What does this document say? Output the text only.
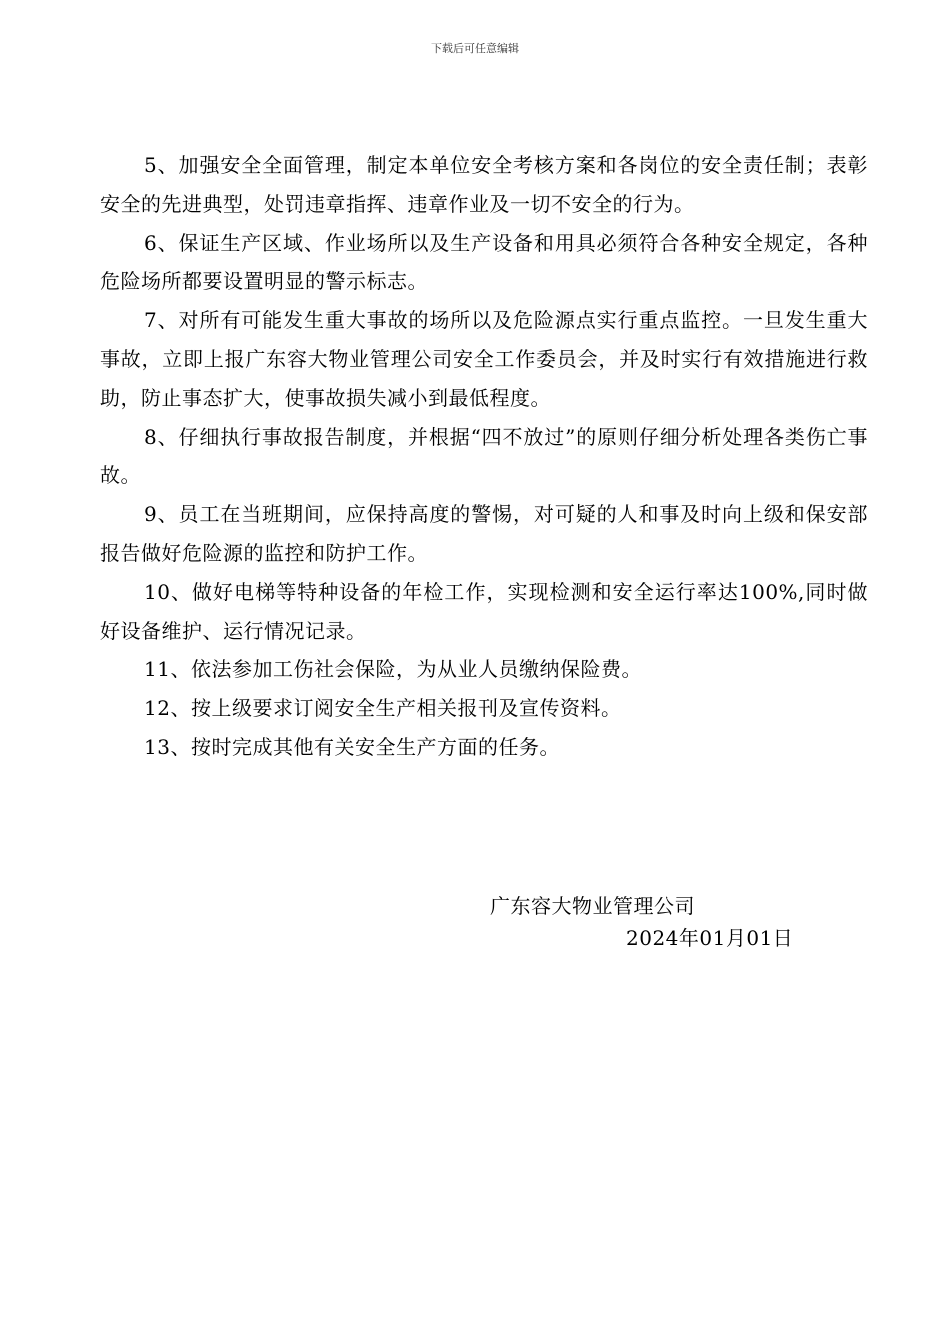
下载后可任意编辑

5、加强安全全面管理，制定本单位安全考核方案和各岗位的安全责任制；表彰安全的先进典型，处罚违章指挥、违章作业及一切不安全的行为。

6、保证生产区域、作业场所以及生产设备和用具必须符合各种安全规定，各种危险场所都要设置明显的警示标志。

7、对所有可能发生重大事故的场所以及危险源点实行重点监控。一旦发生重大事故，立即上报广东容大物业管理公司安全工作委员会，并及时实行有效措施进行救助，防止事态扩大，使事故损失减小到最低程度。

8、仔细执行事故报告制度，并根据“四不放过”的原则仔细分析处理各类伤亡事故。

9、员工在当班期间，应保持高度的警惕，对可疑的人和事及时向上级和保安部报告做好危险源的监控和防护工作。

10、做好电梯等特种设备的年检工作，实现检测和安全运行率达100%,同时做好设备维护、运行情况记录。

11、依法参加工伤社会保险，为从业人员缴纳保险费。

12、按上级要求订阅安全生产相关报刊及宣传资料。

13、按时完成其他有关安全生产方面的任务。

广东容大物业管理公司
2024年01月01日
